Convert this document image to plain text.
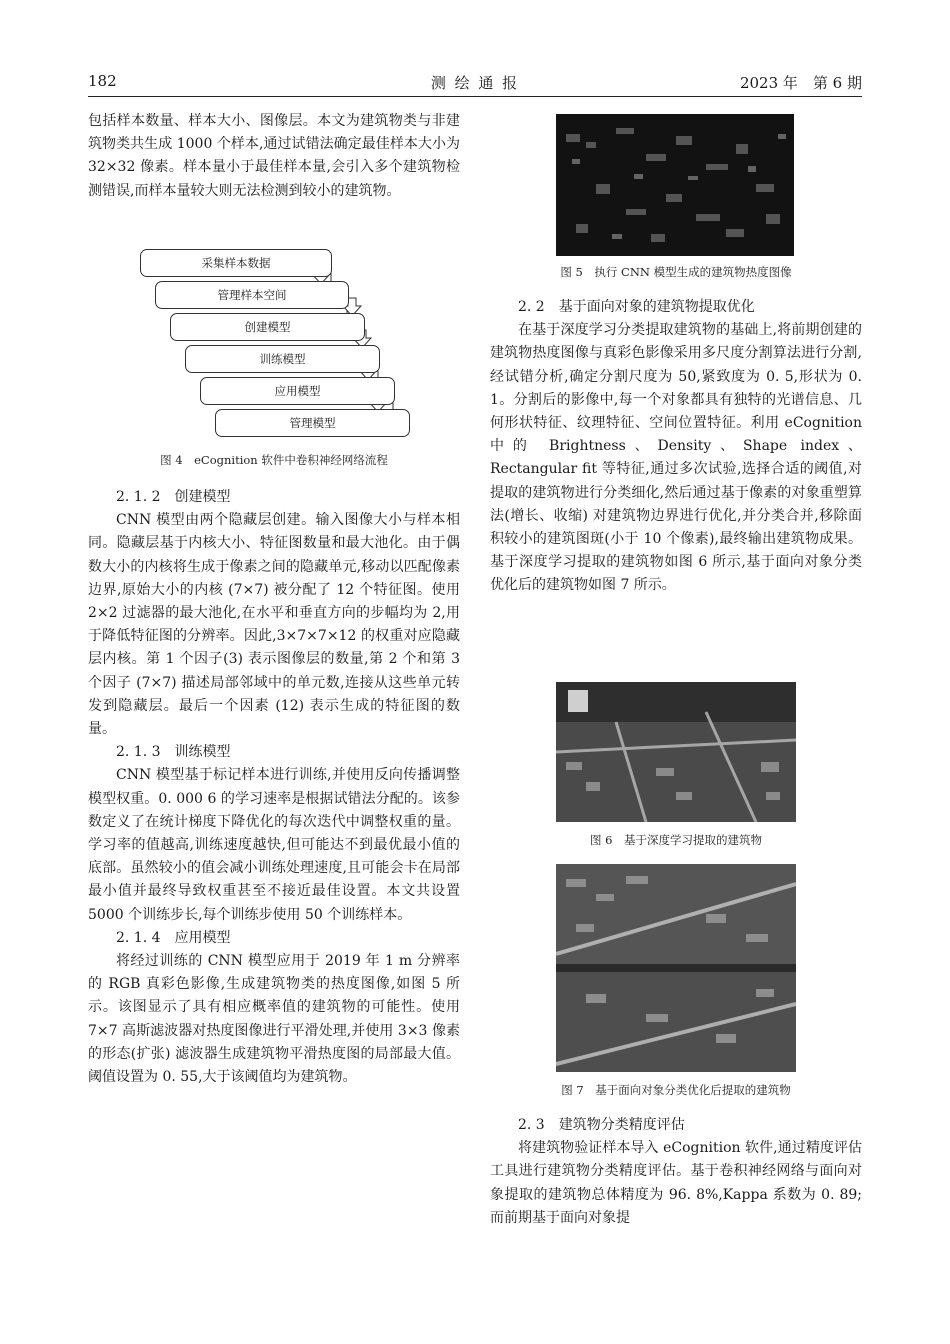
182	测 绘 通 报	2023 年　第 6 期

包括样本数量、样本大小、图像层。本文为建筑物类与非建筑物类共生成 1000 个样本,通过试错法确定最佳样本大小为 32×32 像素。样本量小于最佳样本量,会引入多个建筑物检测错误,而样本量较大则无法检测到较小的建筑物。

采集样本数据
管理样本空间
创建模型
训练模型
应用模型
管理模型
图 4　eCognition 软件中卷积神经网络流程

2. 1. 2　创建模型

CNN 模型由两个隐藏层创建。输入图像大小与样本相同。隐藏层基于内核大小、特征图数量和最大池化。由于偶数大小的内核将生成于像素之间的隐藏单元,移动以匹配像素边界,原始大小的内核 (7×7) 被分配了 12 个特征图。使用 2×2 过滤器的最大池化,在水平和垂直方向的步幅均为 2,用于降低特征图的分辨率。因此,3×7×7×12 的权重对应隐藏层内核。第 1 个因子(3) 表示图像层的数量,第 2 个和第 3 个因子 (7×7) 描述局部邻域中的单元数,连接从这些单元转发到隐藏层。最后一个因素 (12) 表示生成的特征图的数量。

2. 1. 3　训练模型

CNN 模型基于标记样本进行训练,并使用反向传播调整模型权重。0. 000 6 的学习速率是根据试错法分配的。该参数定义了在统计梯度下降优化的每次迭代中调整权重的量。学习率的值越高,训练速度越快,但可能达不到最优最小值的底部。虽然较小的值会减小训练处理速度,且可能会卡在局部最小值并最终导致权重甚至不接近最佳设置。本文共设置 5000 个训练步长,每个训练步使用 50 个训练样本。

2. 1. 4　应用模型

将经过训练的 CNN 模型应用于 2019 年 1 m 分辨率的 RGB 真彩色影像,生成建筑物类的热度图像,如图 5 所示。该图显示了具有相应概率值的建筑物的可能性。使用 7×7 高斯滤波器对热度图像进行平滑处理,并使用 3×3 像素的形态(扩张) 滤波器生成建筑物平滑热度图的局部最大值。阈值设置为 0. 55,大于该阈值均为建筑物。

图 5　执行 CNN 模型生成的建筑物热度图像

2. 2　基于面向对象的建筑物提取优化

在基于深度学习分类提取建筑物的基础上,将前期创建的建筑物热度图像与真彩色影像采用多尺度分割算法进行分割,经试错分析,确定分割尺度为 50,紧致度为 0. 5,形状为 0. 1。分割后的影像中,每一个对象都具有独特的光谱信息、几何形状特征、纹理特征、空间位置特征。利用 eCognition 中的 Brightness、Density、Shape index、Rectangular fit 等特征,通过多次试验,选择合适的阈值,对提取的建筑物进行分类细化,然后通过基于像素的对象重塑算法(增长、收缩) 对建筑物边界进行优化,并分类合并,移除面积较小的建筑图斑(小于 10 个像素),最终输出建筑物成果。基于深度学习提取的建筑物如图 6 所示,基于面向对象分类优化后的建筑物如图 7 所示。

图 6　基于深度学习提取的建筑物
图 7　基于面向对象分类优化后提取的建筑物

2. 3　建筑物分类精度评估

将建筑物验证样本导入 eCognition 软件,通过精度评估工具进行建筑物分类精度评估。基于卷积神经网络与面向对象提取的建筑物总体精度为 96. 8%,Kappa 系数为 0. 89;而前期基于面向对象提
